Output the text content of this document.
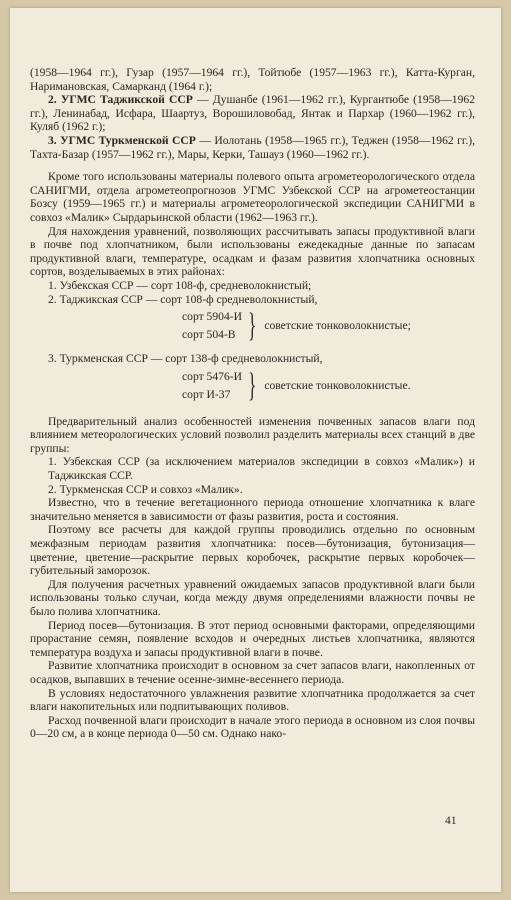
(1958—1964 гг.), Гузар (1957—1964 гг.), Тойтюбе (1957—1963 гг.), Катта-Курган, Наримановская, Самарканд (1964 г.);

2. УГМС Таджикской ССР — Душанбе (1961—1962 гг.), Кургантюбе (1958—1962 гг.), Ленинабад, Исфара, Шаартуз, Ворошиловобад, Янтак и Пархар (1960—1962 гг.), Куляб (1962 г.);

3. УГМС Туркменской ССР — Иолотань (1958—1965 гг.), Теджен (1958—1962 гг.), Тахта-Базар (1957—1962 гг.), Мары, Керки, Ташауз (1960—1962 гг.).

Кроме того использованы материалы полевого опыта агрометеорологического отдела САНИГМИ, отдела агрометеопрогнозов УГМС Узбекской ССР на агрометеостанции Бозсу (1959—1965 гг.) и материалы агрометеорологической экспедиции САНИГМИ в совхоз «Малик» Сырдарьинской области (1962—1963 гг.).

Для нахождения уравнений, позволяющих рассчитывать запасы продуктивной влаги в почве под хлопчатником, были использованы ежедекадные данные по запасам продуктивной влаги, температуре, осадкам и фазам развития хлопчатника основных сортов, возделываемых в этих районах:

1. Узбекская ССР — сорт 108-ф, средневолокнистый;

2. Таджикская ССР — сорт 108-ф средневолокнистый,

сорт 5904-И
сорт 504-В } советские тонковолокнистые;

3. Туркменская ССР — сорт 138-ф средневолокнистый,

сорт 5476-И
сорт И-37 } советские тонковолокнистые.

Предварительный анализ особенностей изменения почвенных запасов влаги под влиянием метеорологических условий позволил разделить материалы всех станций в две группы:

1. Узбекская ССР (за исключением материалов экспедиции в совхоз «Малик») и Таджикская ССР.

2. Туркменская ССР и совхоз «Малик».

Известно, что в течение вегетационного периода отношение хлопчатника к влаге значительно меняется в зависимости от фазы развития, роста и состояния.

Поэтому все расчеты для каждой группы проводились отдельно по основным межфазным периодам развития хлопчатника: посев—бутонизация, бутонизация—цветение, цветение—раскрытие первых коробочек, раскрытие первых коробочек—губительный заморозок.

Для получения расчетных уравнений ожидаемых запасов продуктивной влаги были использованы только случаи, когда между двумя определениями влажности почвы не было полива хлопчатника.

Период посев—бутонизация. В этот период основными факторами, определяющими прорастание семян, появление всходов и очередных листьев хлопчатника, являются температура воздуха и запасы продуктивной влаги в почве.

Развитие хлопчатника происходит в основном за счет запасов влаги, накопленных от осадков, выпавших в течение осенне-зимне-весеннего периода.

В условиях недостаточного увлажнения развитие хлопчатника продолжается за счет влаги накопительных или подпитывающих поливов.

Расход почвенной влаги происходит в начале этого периода в основном из слоя почвы 0—20 см, а в конце периода 0—50 см. Однако нако-

41
